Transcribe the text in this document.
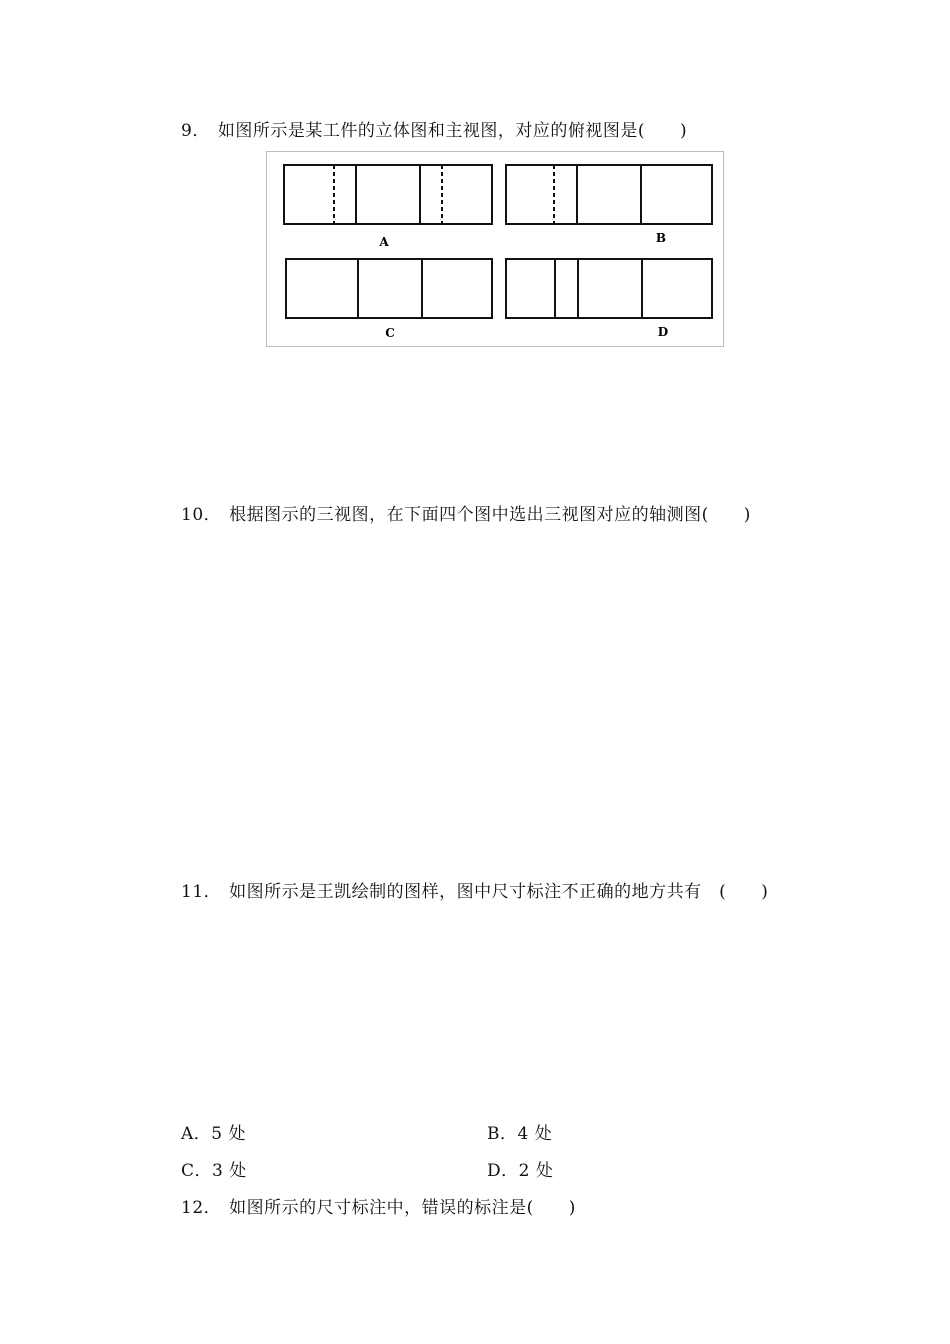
9． 如图所示是某工件的立体图和主视图，对应的俯视图是(　　)
A	B
C	D
10． 根据图示的三视图，在下面四个图中选出三视图对应的轴测图(　　)
11． 如图所示是王凯绘制的图样，图中尺寸标注不正确的地方共有　(　　)
A．5 处	B．4 处
C．3 处	D．2 处
12． 如图所示的尺寸标注中，错误的标注是(　　)
